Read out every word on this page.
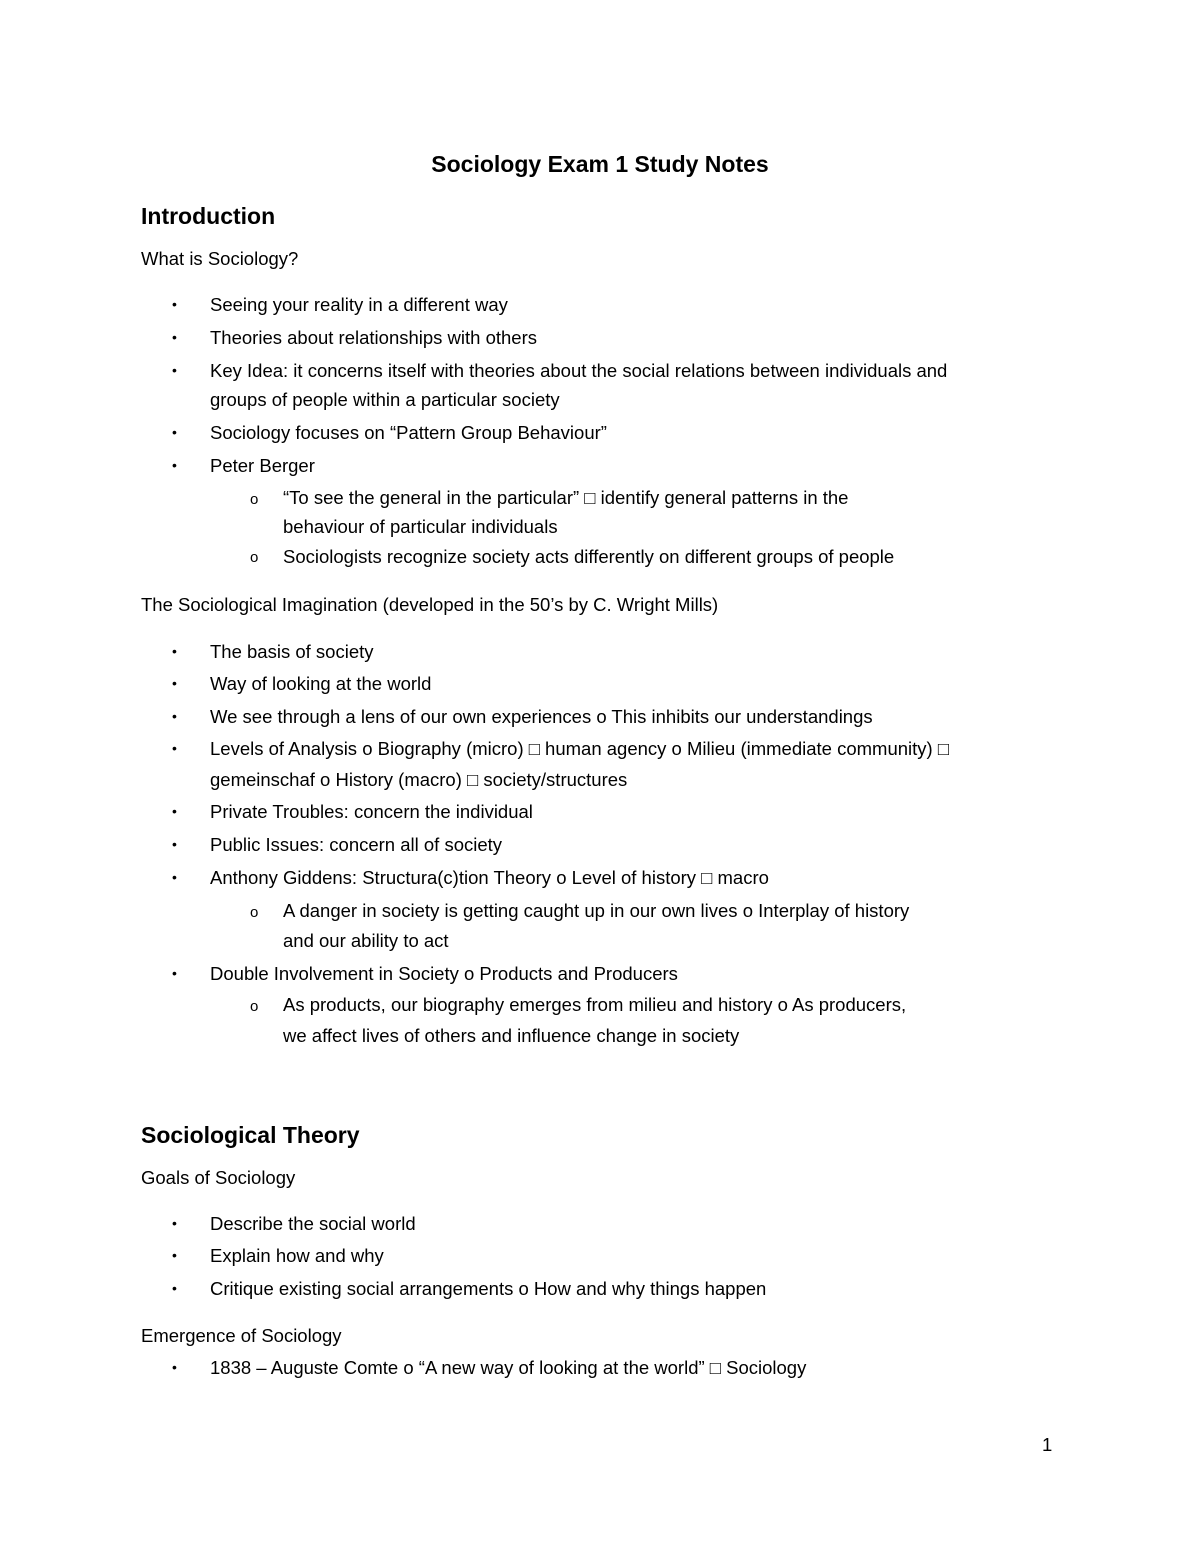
Sociology Exam 1 Study Notes
Introduction
What is Sociology?
•	Seeing your reality in a different way
•	Theories about relationships with others
•	Key Idea: it concerns itself with theories about the social relations between individuals and
groups of people within a particular society
•	Sociology focuses on “Pattern Group Behaviour”
•	Peter Berger
o “To see the general in the particular” □ identify general patterns in the
behaviour of particular individuals
o Sociologists recognize society acts differently on different groups of people
The Sociological Imagination (developed in the 50’s by C. Wright Mills)
•	The basis of society
•	Way of looking at the world
•	We see through a lens of our own experiences o This inhibits our understandings
•	Levels of Analysis o Biography (micro) □ human agency o Milieu (immediate community) □
gemeinschaf o History (macro) □ society/structures
•	Private Troubles: concern the individual
•	Public Issues: concern all of society
•	Anthony Giddens: Structura(c)tion Theory o Level of history □ macro
o A danger in society is getting caught up in our own lives o Interplay of history
and our ability to act
•	Double Involvement in Society o Products and Producers
o As products, our biography emerges from milieu and history o As producers,
we affect lives of others and influence change in society
Sociological Theory
Goals of Sociology
•	Describe the social world
•	Explain how and why
•	Critique existing social arrangements o How and why things happen
Emergence of Sociology
•	1838 – Auguste Comte o “A new way of looking at the world” □ Sociology
1
